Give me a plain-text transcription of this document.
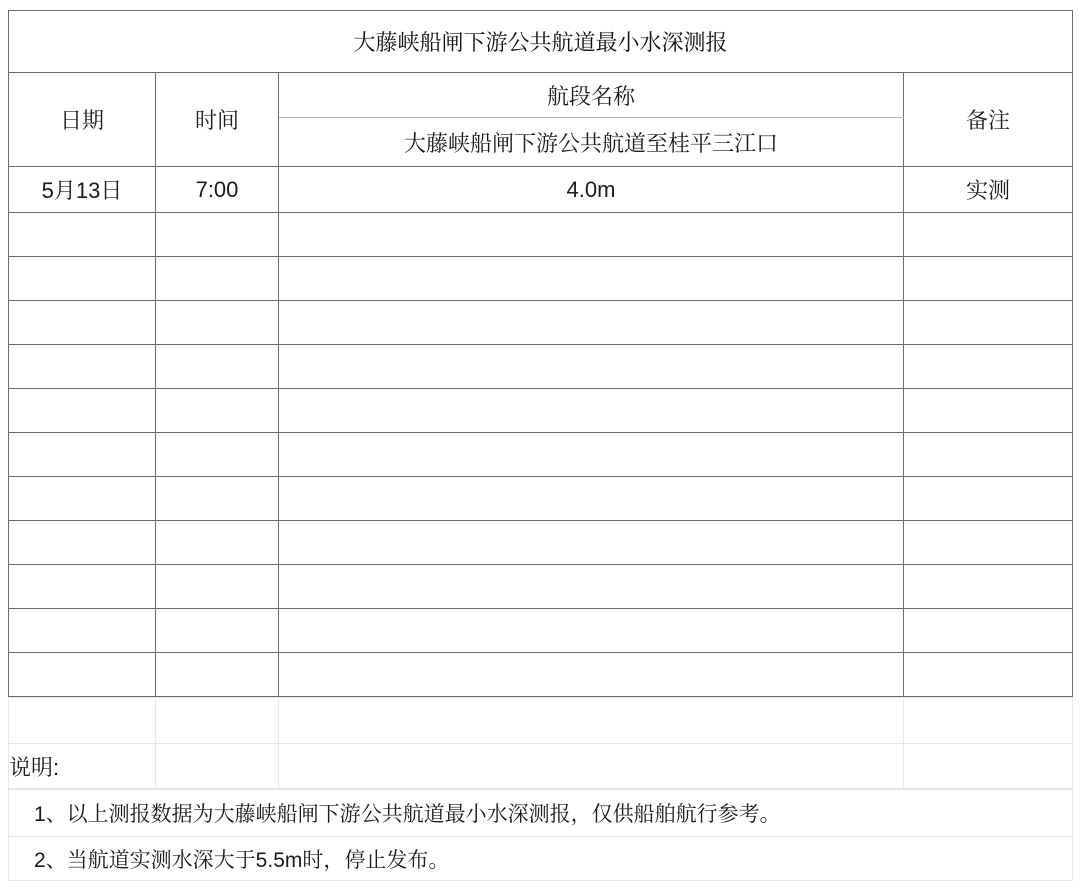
大藤峡船闸下游公共航道最小水深测报			
日期	时间	航段名称	备注
		大藤峡船闸下游公共航道至桂平三江口	
5月13日	7:00	4.0m	实测

说明:			
1、以上测报数据为大藤峡船闸下游公共航道最小水深测报，仅供船舶航行参考。
2、当航道实测水深大于5.5m时，停止发布。
